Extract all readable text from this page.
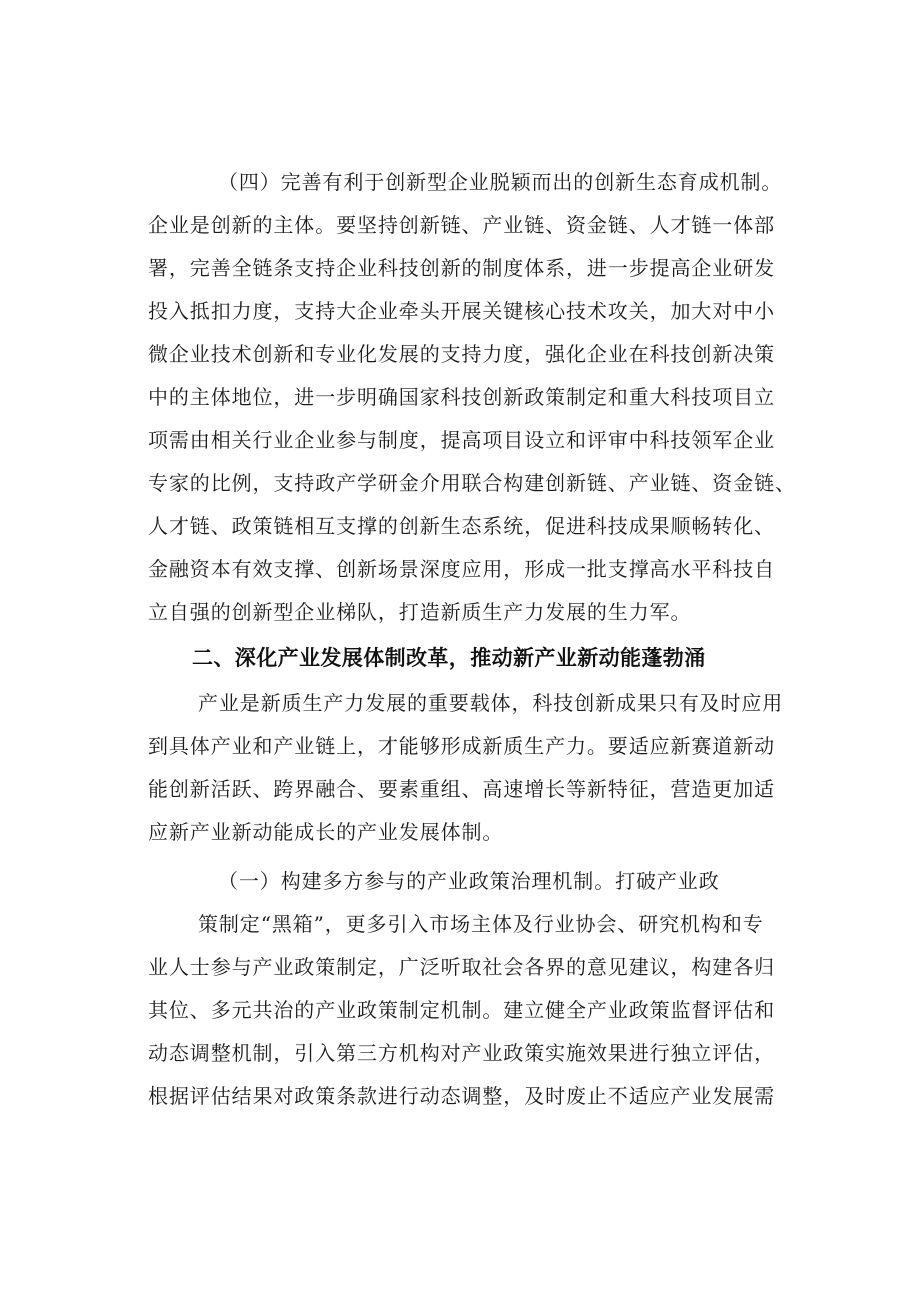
（四）完善有利于创新型企业脱颖而出的创新生态育成机制。
企业是创新的主体。要坚持创新链、产业链、资金链、人才链一体部
署，完善全链条支持企业科技创新的制度体系，进一步提高企业研发
投入抵扣力度，支持大企业牵头开展关键核心技术攻关，加大对中小
微企业技术创新和专业化发展的支持力度，强化企业在科技创新决策
中的主体地位，进一步明确国家科技创新政策制定和重大科技项目立
项需由相关行业企业参与制度，提高项目设立和评审中科技领军企业
专家的比例，支持政产学研金介用联合构建创新链、产业链、资金链、
人才链、政策链相互支撑的创新生态系统，促进科技成果顺畅转化、
金融资本有效支撑、创新场景深度应用，形成一批支撑高水平科技自
立自强的创新型企业梯队，打造新质生产力发展的生力军。
二、深化产业发展体制改革，推动新产业新动能蓬勃涌
产业是新质生产力发展的重要载体，科技创新成果只有及时应用
到具体产业和产业链上，才能够形成新质生产力。要适应新赛道新动
能创新活跃、跨界融合、要素重组、高速增长等新特征，营造更加适
应新产业新动能成长的产业发展体制。
（一）构建多方参与的产业政策治理机制。打破产业政
策制定“黑箱”，更多引入市场主体及行业协会、研究机构和专
业人士参与产业政策制定，广泛听取社会各界的意见建议，构建各归
其位、多元共治的产业政策制定机制。建立健全产业政策监督评估和
动态调整机制，引入第三方机构对产业政策实施效果进行独立评估，
根据评估结果对政策条款进行动态调整，及时废止不适应产业发展需
